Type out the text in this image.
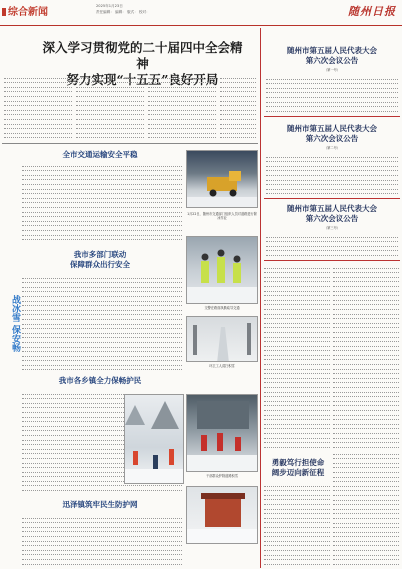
综合新闻
2025年1月23日
责任编辑： 编辑： 版式： 校对：	随州日报
深入学习贯彻党的二十届四中全会精神
努力实现“十五五”良好开局
随州市第五届人民代表大会
第六次会议公告
（第一号）
随州市第五届人民代表大会
第六次会议公告
（第二号）
随州市第五届人民代表大会
第六次会议公告
（第三号）
勇毅笃行担使命
阔步迈向新征程
战冰雪 保安畅
全市交通运输安全平稳
我市多部门联动
保障群众出行安全
我市各乡镇全力保畅护民
迅泽镇筑牢民生防护网
1月22日，随州市交通部门组织人员对道路进行除冰作业
交警在路面执勤疏导交通
环卫工人清扫积雪
干部群众铲除道路积雪
